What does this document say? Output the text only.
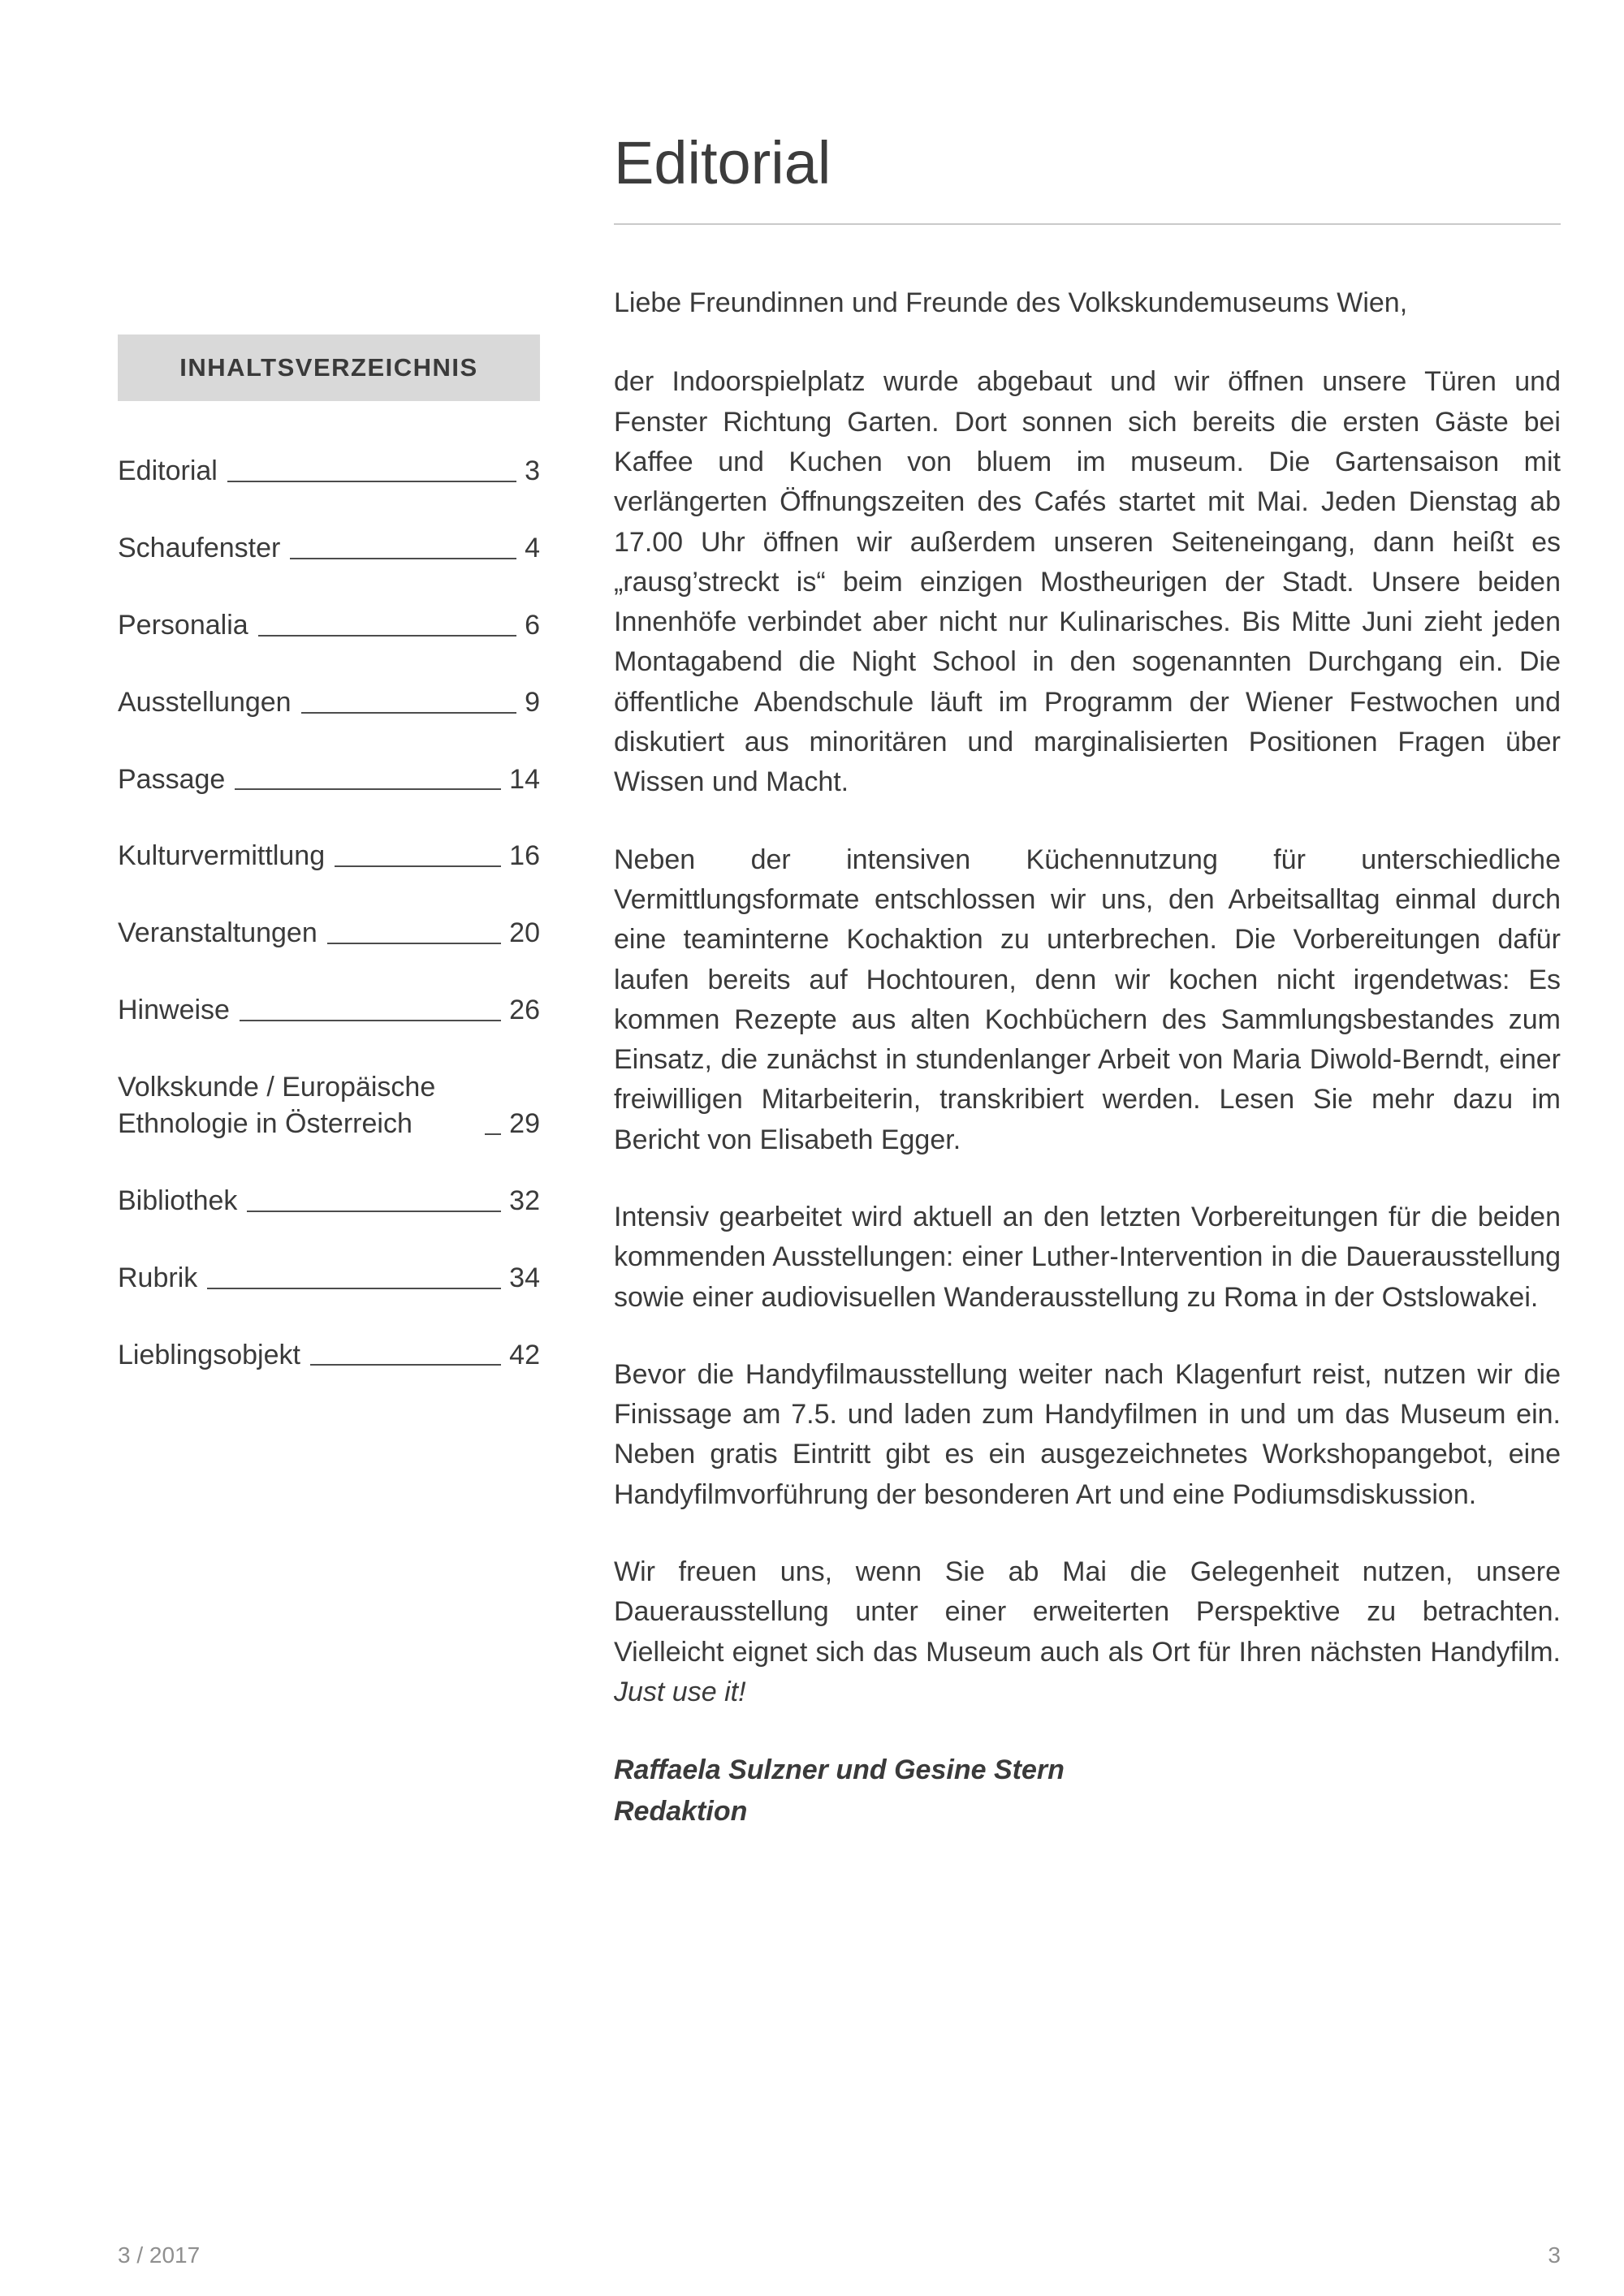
INHALTSVERZEICHNIS
Editorial	3
Schaufenster	4
Personalia	6
Ausstellungen	9
Passage	14
Kulturvermittlung	16
Veranstaltungen	20
Hinweise	26
Volkskunde / Europäische Ethnologie in Österreich	29
Bibliothek	32
Rubrik	34
Lieblingsobjekt	42
Editorial

Liebe Freundinnen und Freunde des Volkskundemuseums Wien,

der Indoorspielplatz wurde abgebaut und wir öffnen unsere Türen und Fenster Richtung Garten. Dort sonnen sich bereits die ersten Gäste bei Kaffee und Kuchen von bluem im museum. Die Gartensaison mit verlängerten Öffnungszeiten des Cafés startet mit Mai. Jeden Dienstag ab 17.00 Uhr öffnen wir außerdem unseren Seiteneingang, dann heißt es „rausg’streckt is“ beim einzigen Mostheurigen der Stadt. Unsere beiden Innenhöfe verbindet aber nicht nur Kulinarisches. Bis Mitte Juni zieht jeden Montagabend die Night School in den sogenannten Durchgang ein. Die öffentliche Abendschule läuft im Programm der Wiener Festwochen und diskutiert aus minoritären und marginalisierten Positionen Fragen über Wissen und Macht.

Neben der intensiven Küchennutzung für unterschiedliche Vermittlungsformate entschlossen wir uns, den Arbeitsalltag einmal durch eine teaminterne Kochaktion zu unterbrechen. Die Vorbereitungen dafür laufen bereits auf Hochtouren, denn wir kochen nicht irgendetwas: Es kommen Rezepte aus alten Kochbüchern des Sammlungsbestandes zum Einsatz, die zunächst in stundenlanger Arbeit von Maria Diwold-Berndt, einer freiwilligen Mitarbeiterin, transkribiert werden. Lesen Sie mehr dazu im Bericht von Elisabeth Egger.

Intensiv gearbeitet wird aktuell an den letzten Vorbereitungen für die beiden kommenden Ausstellungen: einer Luther-Intervention in die Dauerausstellung sowie einer audiovisuellen Wanderausstellung zu Roma in der Ostslowakei.

Bevor die Handyfilmausstellung weiter nach Klagenfurt reist, nutzen wir die Finissage am 7.5. und laden zum Handyfilmen in und um das Museum ein. Neben gratis Eintritt gibt es ein ausgezeichnetes Workshopangebot, eine Handyfilmvorführung der besonderen Art und eine Podiumsdiskussion.

Wir freuen uns, wenn Sie ab Mai die Gelegenheit nutzen, unsere Dauerausstellung unter einer erweiterten Perspektive zu betrachten. Vielleicht eignet sich das Museum auch als Ort für Ihren nächsten Handyfilm. Just use it!

Raffaela Sulzner und Gesine Stern
Redaktion
3 / 2017	3
